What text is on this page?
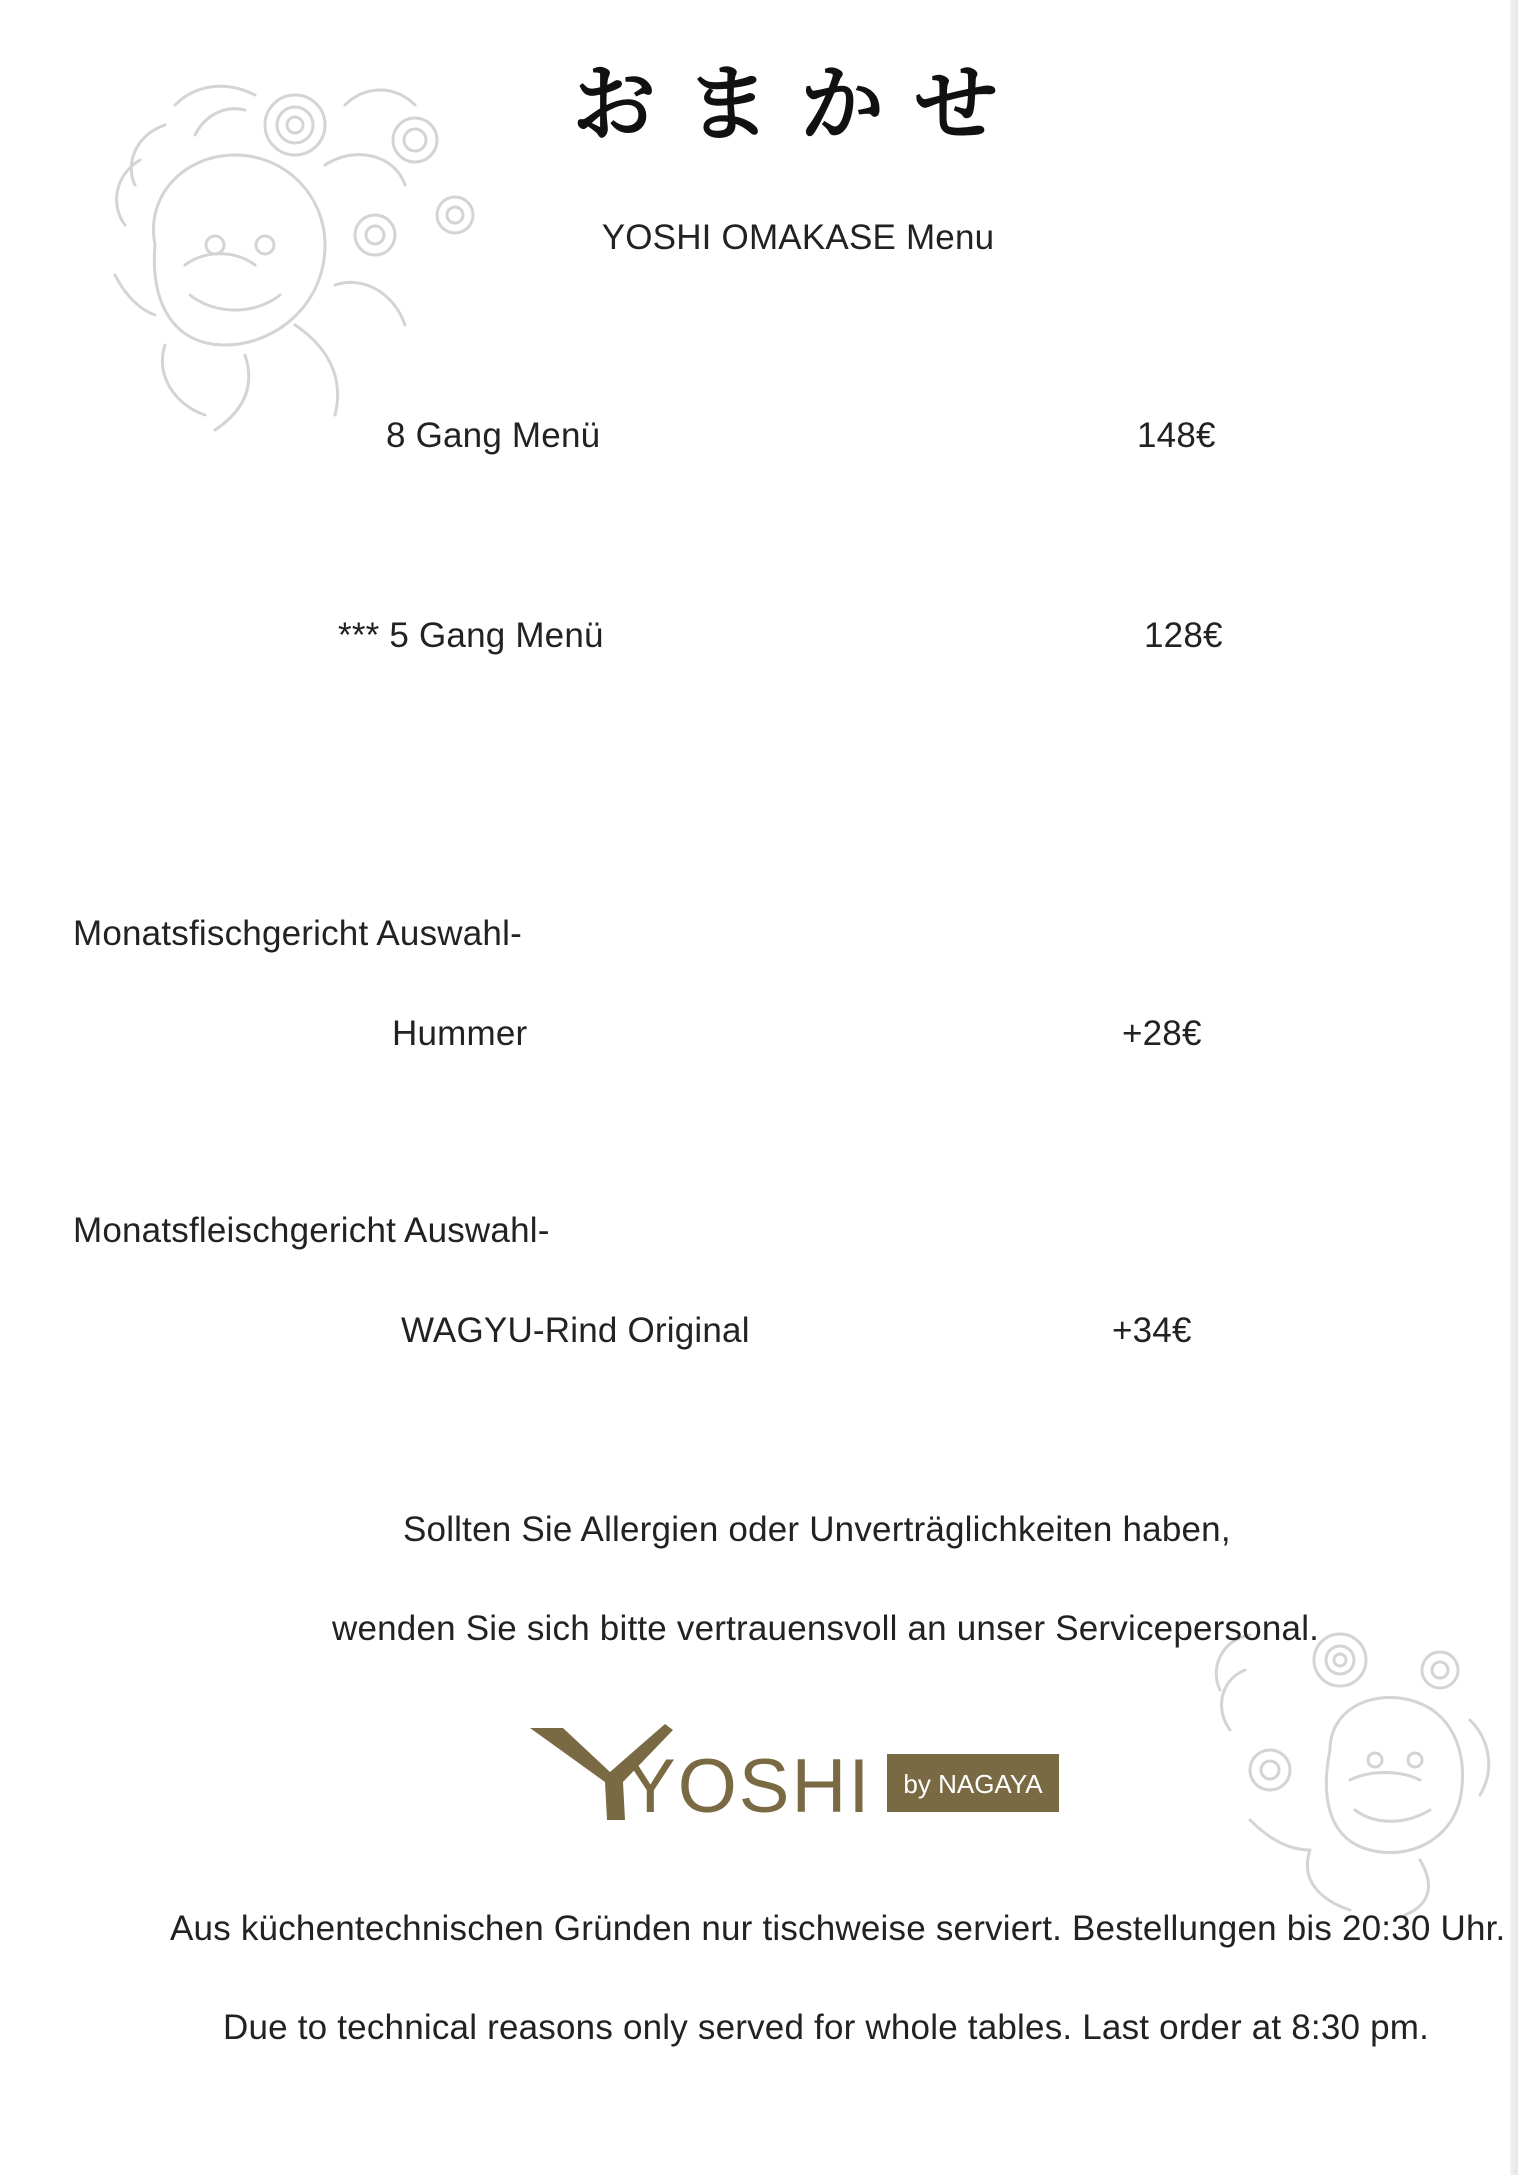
おまかせ
YOSHI OMAKASE Menu
8 Gang Menü	148€
*** 5 Gang Menü	128€
Monatsfischgericht Auswahl-
Hummer	+28€
Monatsfleischgericht Auswahl-
WAGYU-Rind Original	+34€
Sollten Sie Allergien oder Unverträglichkeiten haben,
wenden Sie sich bitte vertrauensvoll an unser Servicepersonal.
YOSHI by NAGAYA
Aus küchentechnischen Gründen nur tischweise serviert. Bestellungen bis 20:30 Uhr.
Due to technical reasons only served for whole tables. Last order at 8:30 pm.
